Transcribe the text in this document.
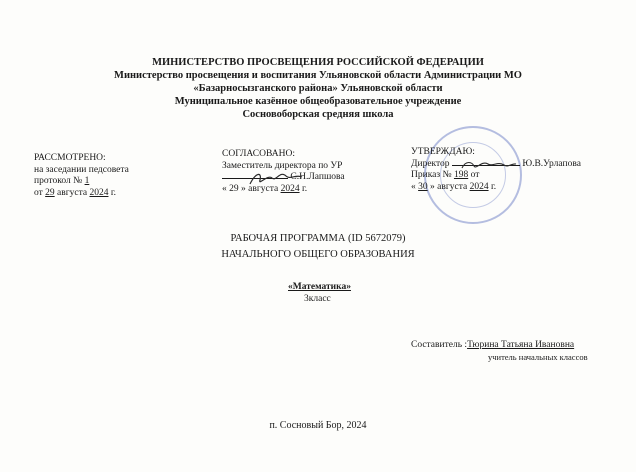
МИНИСТЕРСТВО ПРОСВЕЩЕНИЯ РОССИЙСКОЙ ФЕДЕРАЦИИ
Министерство просвещения и воспитания Ульяновской области Администрации МО
«Базарносызганского района» Ульяновской области
Муниципальное казённое общеобразовательное учреждение
Сосновоборская средняя школа
РАССМОТРЕНО:
на заседании педсовета
протокол № 1
от 29 августа 2024 г.
СОГЛАСОВАНО:
Заместитель директора по УР
С.Н.Лапшова
« 29 » августа 2024 г.
УТВЕРЖДАЮ:
Директор	Ю.В.Урлапова
Приказ № 198 от
« 30 » августа 2024 г.
РАБОЧАЯ ПРОГРАММА (ID 5672079)
НАЧАЛЬНОГО ОБЩЕГО ОБРАЗОВАНИЯ
«Математика»
3класс
Составитель :Тюрина Татьяна Ивановна
учитель начальных классов
п. Сосновый Бор, 2024
